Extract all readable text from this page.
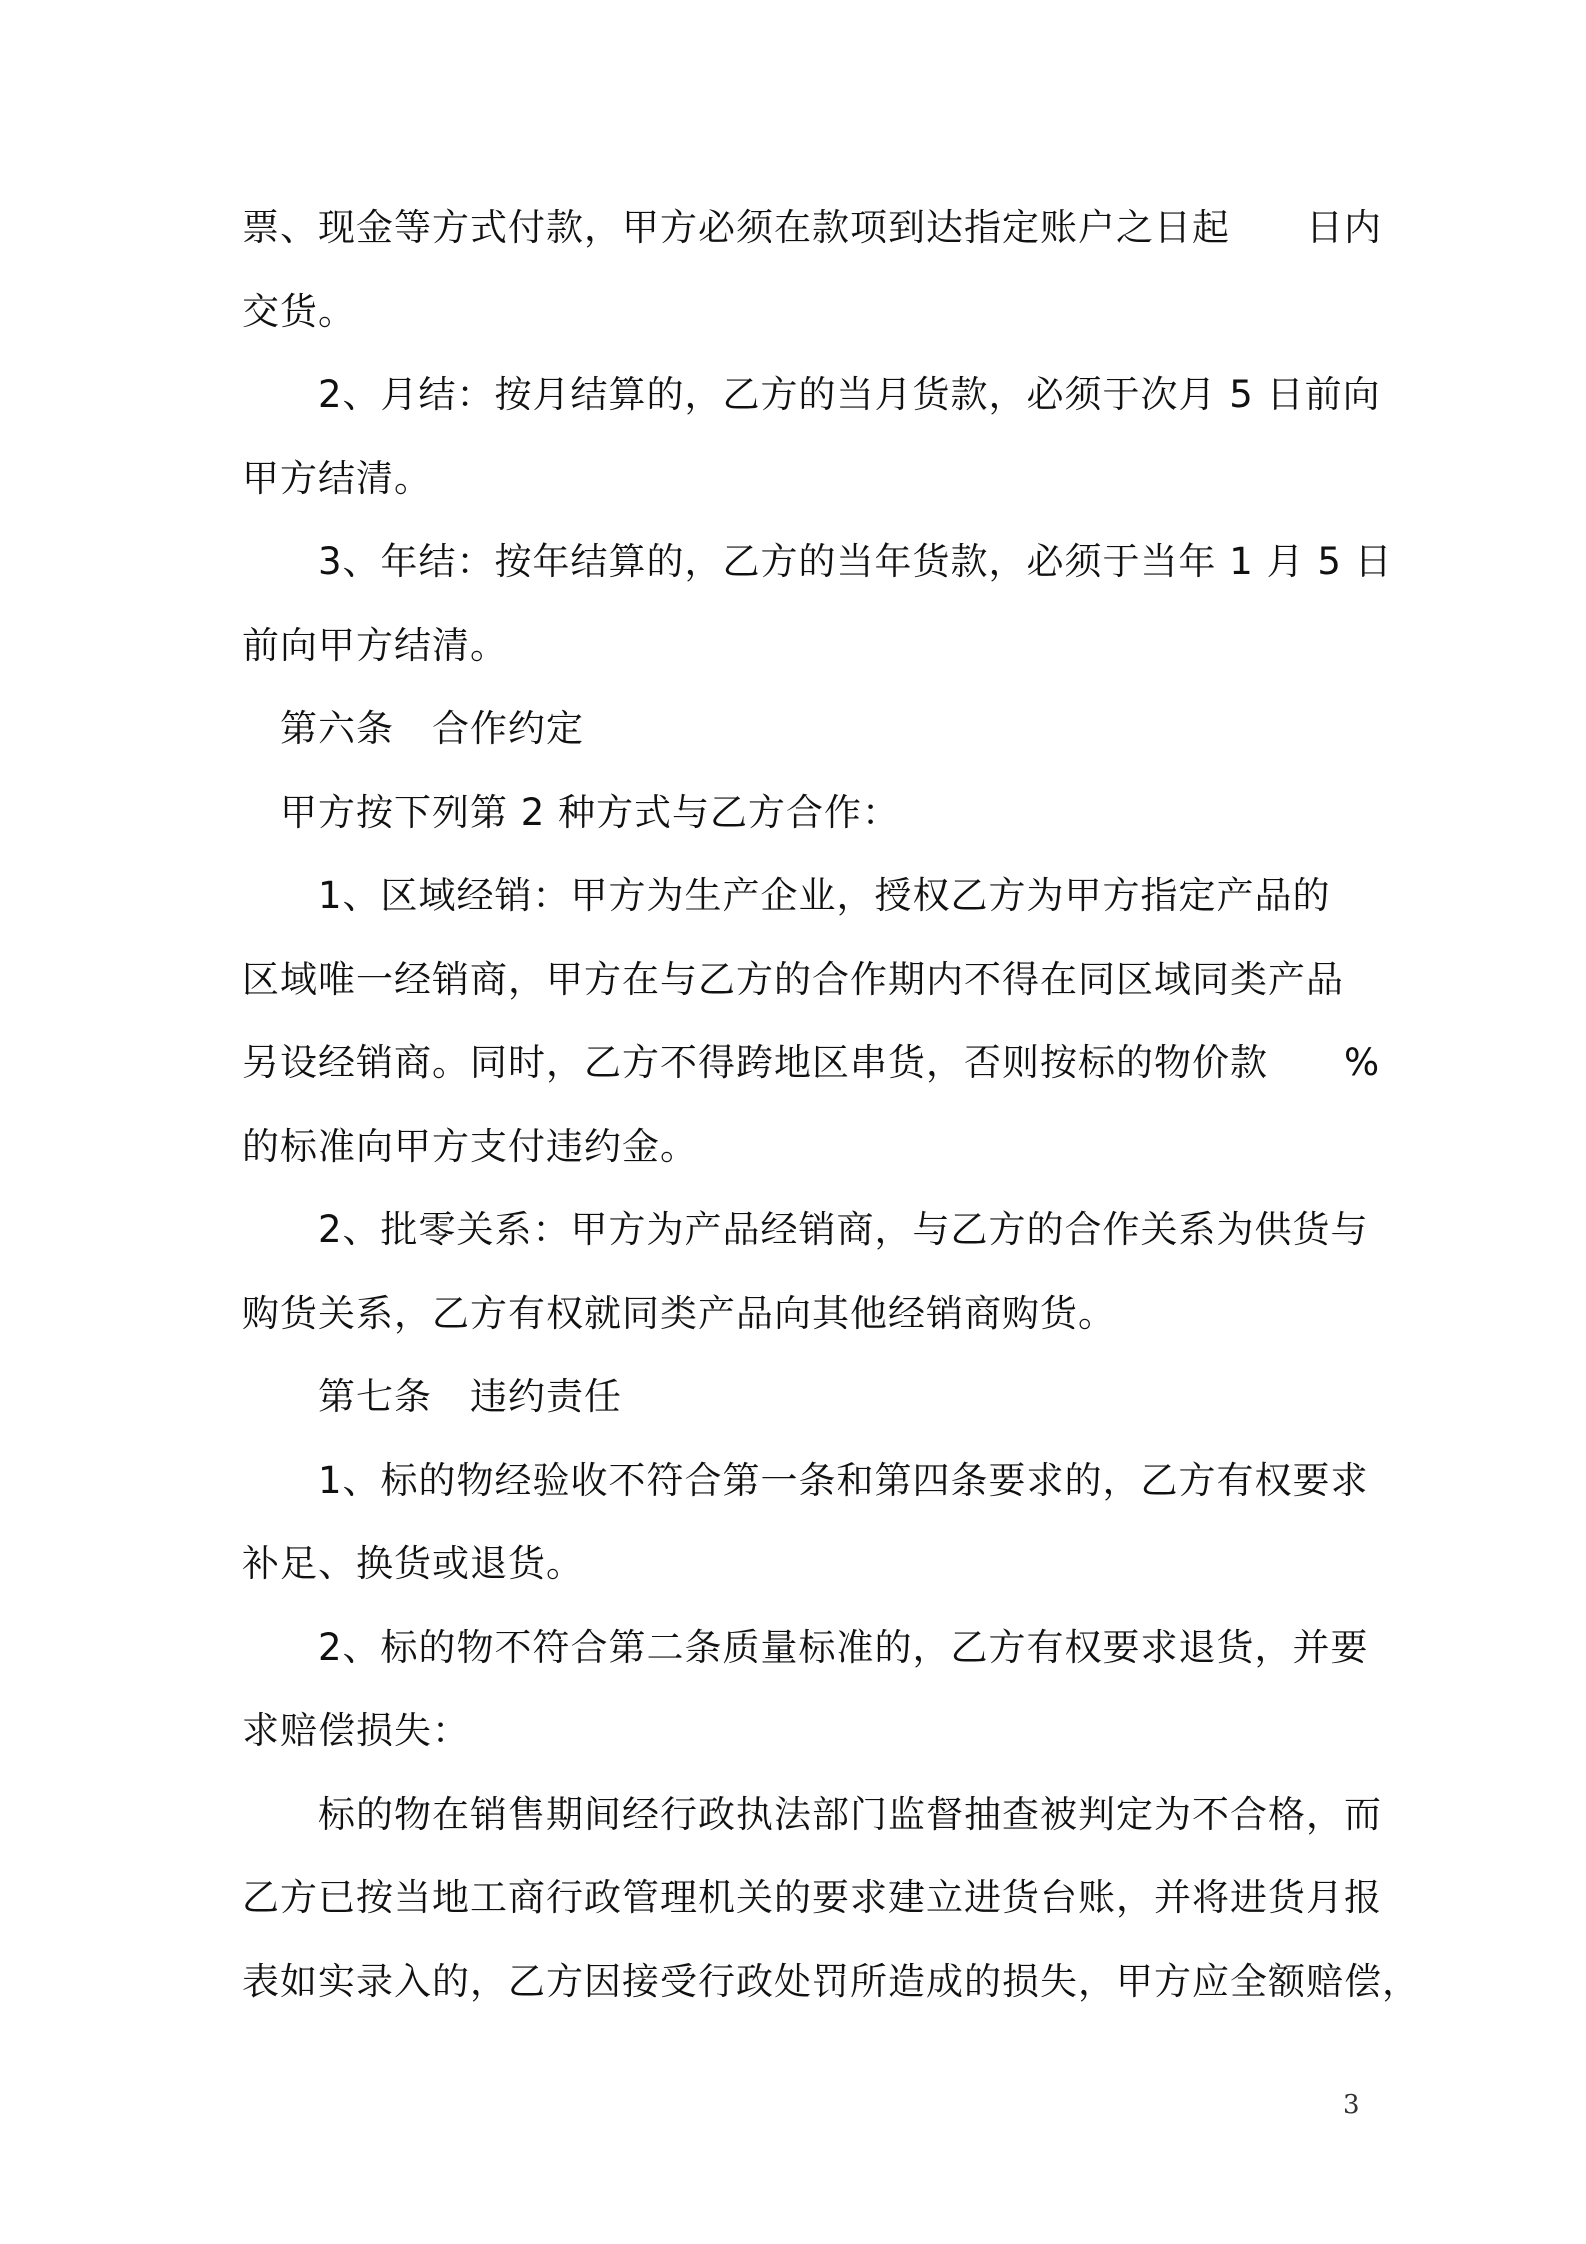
票、现金等方式付款，甲方必须在款项到达指定账户之日起　　日内
交货。
　　2、月结：按月结算的，乙方的当月货款，必须于次月 5 日前向
甲方结清。
　　3、年结：按年结算的，乙方的当年货款，必须于当年 1 月 5 日
前向甲方结清。
　第六条　合作约定
　甲方按下列第 2 种方式与乙方合作：
　　1、区域经销：甲方为生产企业，授权乙方为甲方指定产品的
区域唯一经销商，甲方在与乙方的合作期内不得在同区域同类产品
另设经销商。同时，乙方不得跨地区串货，否则按标的物价款　　%
的标准向甲方支付违约金。
　　2、批零关系：甲方为产品经销商，与乙方的合作关系为供货与
购货关系，乙方有权就同类产品向其他经销商购货。
　　第七条　违约责任
　　1、标的物经验收不符合第一条和第四条要求的，乙方有权要求
补足、换货或退货。
　　2、标的物不符合第二条质量标准的，乙方有权要求退货，并要
求赔偿损失：
　　标的物在销售期间经行政执法部门监督抽查被判定为不合格，而
乙方已按当地工商行政管理机关的要求建立进货台账，并将进货月报
表如实录入的，乙方因接受行政处罚所造成的损失，甲方应全额赔偿，
3
